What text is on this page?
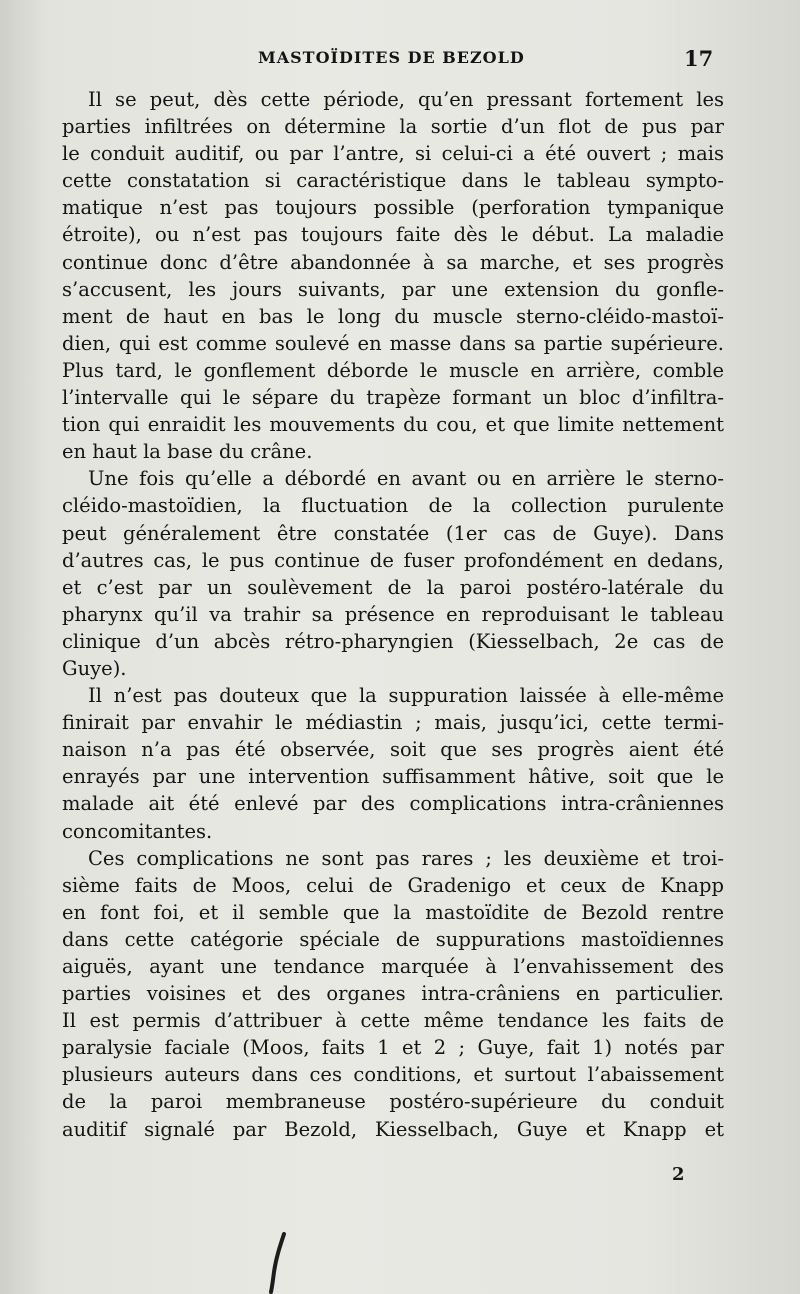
MASTOÏDITES DE BEZOLD	17
Il se peut, dès cette période, qu’en pressant fortement les
parties infiltrées on détermine la sortie d’un flot de pus par
le conduit auditif, ou par l’antre, si celui-ci a été ouvert ; mais
cette constatation si caractéristique dans le tableau sympto-
matique n’est pas toujours possible (perforation tympanique
étroite), ou n’est pas toujours faite dès le début. La maladie
continue donc d’être abandonnée à sa marche, et ses progrès
s’accusent, les jours suivants, par une extension du gonfle-
ment de haut en bas le long du muscle sterno-cléido-mastoï-
dien, qui est comme soulevé en masse dans sa partie supérieure.
Plus tard, le gonflement déborde le muscle en arrière, comble
l’intervalle qui le sépare du trapèze formant un bloc d’infiltra-
tion qui enraidit les mouvements du cou, et que limite nettement
en haut la base du crâne.
Une fois qu’elle a débordé en avant ou en arrière le sterno-
cléido-mastoïdien, la fluctuation de la collection purulente
peut généralement être constatée (1er cas de Guye). Dans
d’autres cas, le pus continue de fuser profondément en dedans,
et c’est par un soulèvement de la paroi postéro-latérale du
pharynx qu’il va trahir sa présence en reproduisant le tableau
clinique d’un abcès rétro-pharyngien (Kiesselbach, 2e cas de
Guye).
Il n’est pas douteux que la suppuration laissée à elle-même
finirait par envahir le médiastin ; mais, jusqu’ici, cette termi-
naison n’a pas été observée, soit que ses progrès aient été
enrayés par une intervention suffisamment hâtive, soit que le
malade ait été enlevé par des complications intra-crâniennes
concomitantes.
Ces complications ne sont pas rares ; les deuxième et troi-
sième faits de Moos, celui de Gradenigo et ceux de Knapp
en font foi, et il semble que la mastoïdite de Bezold rentre
dans cette catégorie spéciale de suppurations mastoïdiennes
aiguës, ayant une tendance marquée à l’envahissement des
parties voisines et des organes intra-crâniens en particulier.
Il est permis d’attribuer à cette même tendance les faits de
paralysie faciale (Moos, faits 1 et 2 ; Guye, fait 1) notés par
plusieurs auteurs dans ces conditions, et surtout l’abaissement
de la paroi membraneuse postéro-supérieure du conduit
auditif signalé par Bezold, Kiesselbach, Guye et Knapp et
2
